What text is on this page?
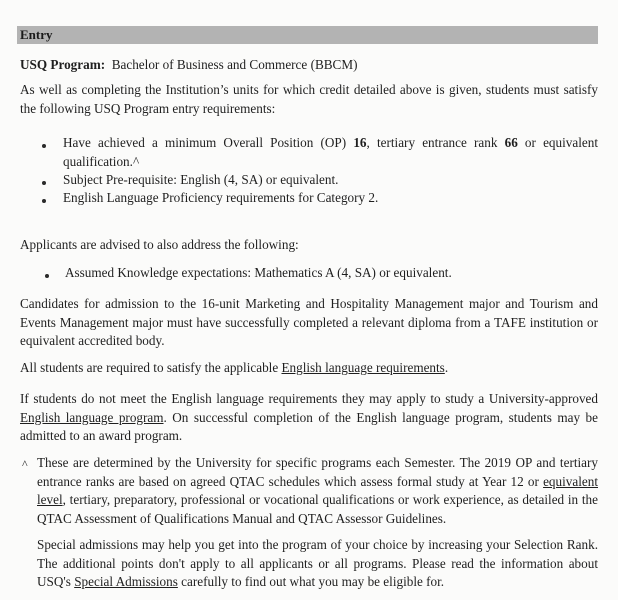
Entry
USQ Program: Bachelor of Business and Commerce (BBCM)
As well as completing the Institution’s units for which credit detailed above is given, students must satisfy the following USQ Program entry requirements:
Have achieved a minimum Overall Position (OP) 16, tertiary entrance rank 66 or equivalent qualification.^
Subject Pre-requisite: English (4, SA) or equivalent.
English Language Proficiency requirements for Category 2.
Applicants are advised to also address the following:
Assumed Knowledge expectations: Mathematics A (4, SA) or equivalent.
Candidates for admission to the 16-unit Marketing and Hospitality Management major and Tourism and Events Management major must have successfully completed a relevant diploma from a TAFE institution or equivalent accredited body.
All students are required to satisfy the applicable English language requirements.
If students do not meet the English language requirements they may apply to study a University-approved English language program. On successful completion of the English language program, students may be admitted to an award program.
^ These are determined by the University for specific programs each Semester. The 2019 OP and tertiary entrance ranks are based on agreed QTAC schedules which assess formal study at Year 12 or equivalent level, tertiary, preparatory, professional or vocational qualifications or work experience, as detailed in the QTAC Assessment of Qualifications Manual and QTAC Assessor Guidelines.
Special admissions may help you get into the program of your choice by increasing your Selection Rank. The additional points don't apply to all applicants or all programs. Please read the information about USQ's Special Admissions carefully to find out what you may be eligible for.
